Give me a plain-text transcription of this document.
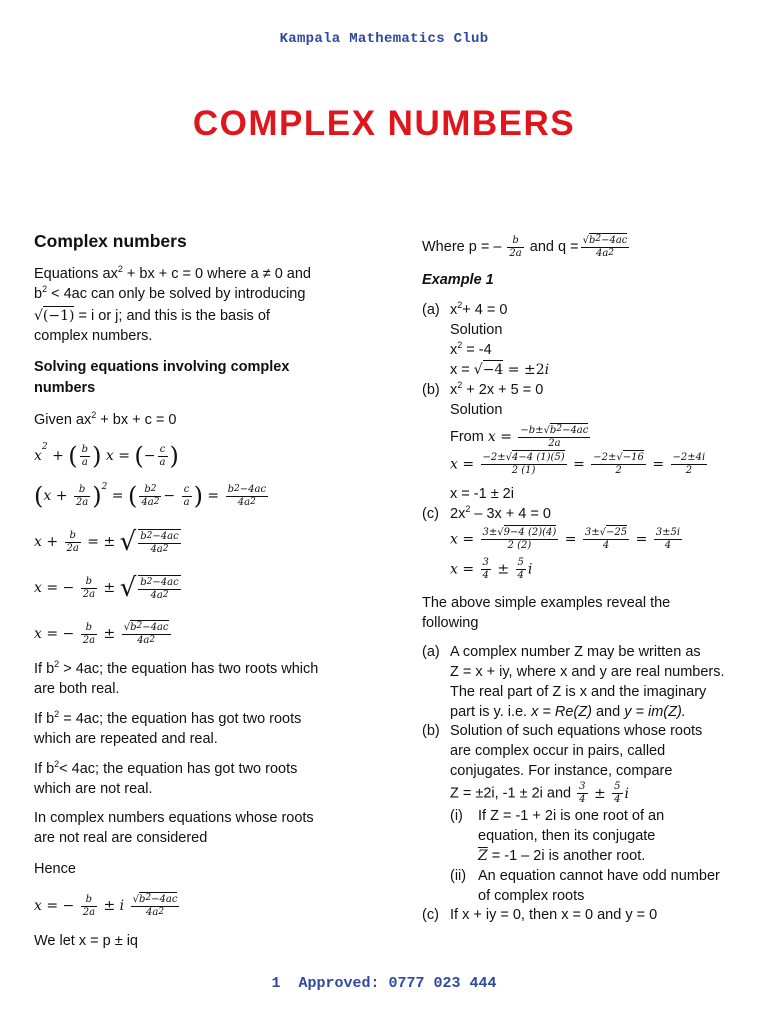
Kampala Mathematics Club
COMPLEX NUMBERS
Complex numbers
Equations $ax^2$ + bx + c = 0 where a ≠ 0 and
$b^2 < 4ac$ can only be solved by introducing
√(−1) = i or j; and this is the basis of
complex numbers.
Solving equations involving complex
numbers
Given $ax^2$ + bx + c = 0
$x^2$ + ( $\frac{b}{a}$ ) x = (− $\frac{c}{a}$ )
$(x + \frac{b}{2a} )^2$ = ( $\frac{b^2}{4a^2} - \frac{c}{a}$ ) = $\frac{b^2-4ac}{4a^2}$
$x + \frac{b}{2a}$ = ± √ $\frac{b^2-4ac}{4a^2}$
x = − $\frac{b}{2a}$ ± √ $\frac{b^2-4ac}{4a^2}$
x = − $\frac{b}{2a} \pm \frac{√b^2-4ac}{4a^2}$
If $b^2 > 4ac$; the equation has two roots which
are both real.
If $b^2 = 4ac$; the equation has got two roots
which are repeated and real.
If $b^2< 4ac$; the equation has got two roots
which are not real.
In complex numbers equations whose roots
are not real are considered
Hence
x = − $\frac{b}{2a} \pm i \frac{√b^2-4ac}{4a^2}$
We let x = p ± iq
Where p = – $\frac{b}{2a}$ and $q = \frac{√b^2-4ac}{4a^2}$
Example 1
(a) $x^2+ 4 = 0$
Solution
$x^2 = -4$
x = √−4 = ±2i
(b) $x^2 + 2x + 5 = 0$
Solution
From $x = \frac{-b\pm√b^2-4ac}{2a}$
$x = \frac{-2\pm√4-4 (1)(5)}{2 (1)} = \frac{-2\pm√-16}{2} = \frac{-2\pm 4i}{2}$
x = -1 ± 2i
(c) $2x^2 - 3x + 4 = 0$
$x = \frac{3\pm√9-4 (2)(4)}{2 (2)} = \frac{3\pm√-25}{4} = \frac{3\pm 5i}{4}$
$x = \frac{3}{4} \pm \frac{5}{4}$ i
The above simple examples reveal the
following
(a) A complex number Z may be written as
Z = x + iy, where x and y are real numbers.
The real part of Z is x and the imaginary
part is y. i.e. x = Re(Z) and y = im(Z).
(b) Solution of such equations whose roots
are complex occur in pairs, called
conjugates. For instance, compare
Z = ±2i, -1 ± 2i and $\frac{3}{4} \pm \frac{5}{4}$ i
(i) If Z = -1 + 2i is one root of an
equation, then its conjugate
$\overline{Z} = -1 - 2i$ is another root.
(ii) An equation cannot have odd number
of complex roots
(c) If x + iy = 0, then x = 0 and y = 0
1 Approved: 0777 023 444
